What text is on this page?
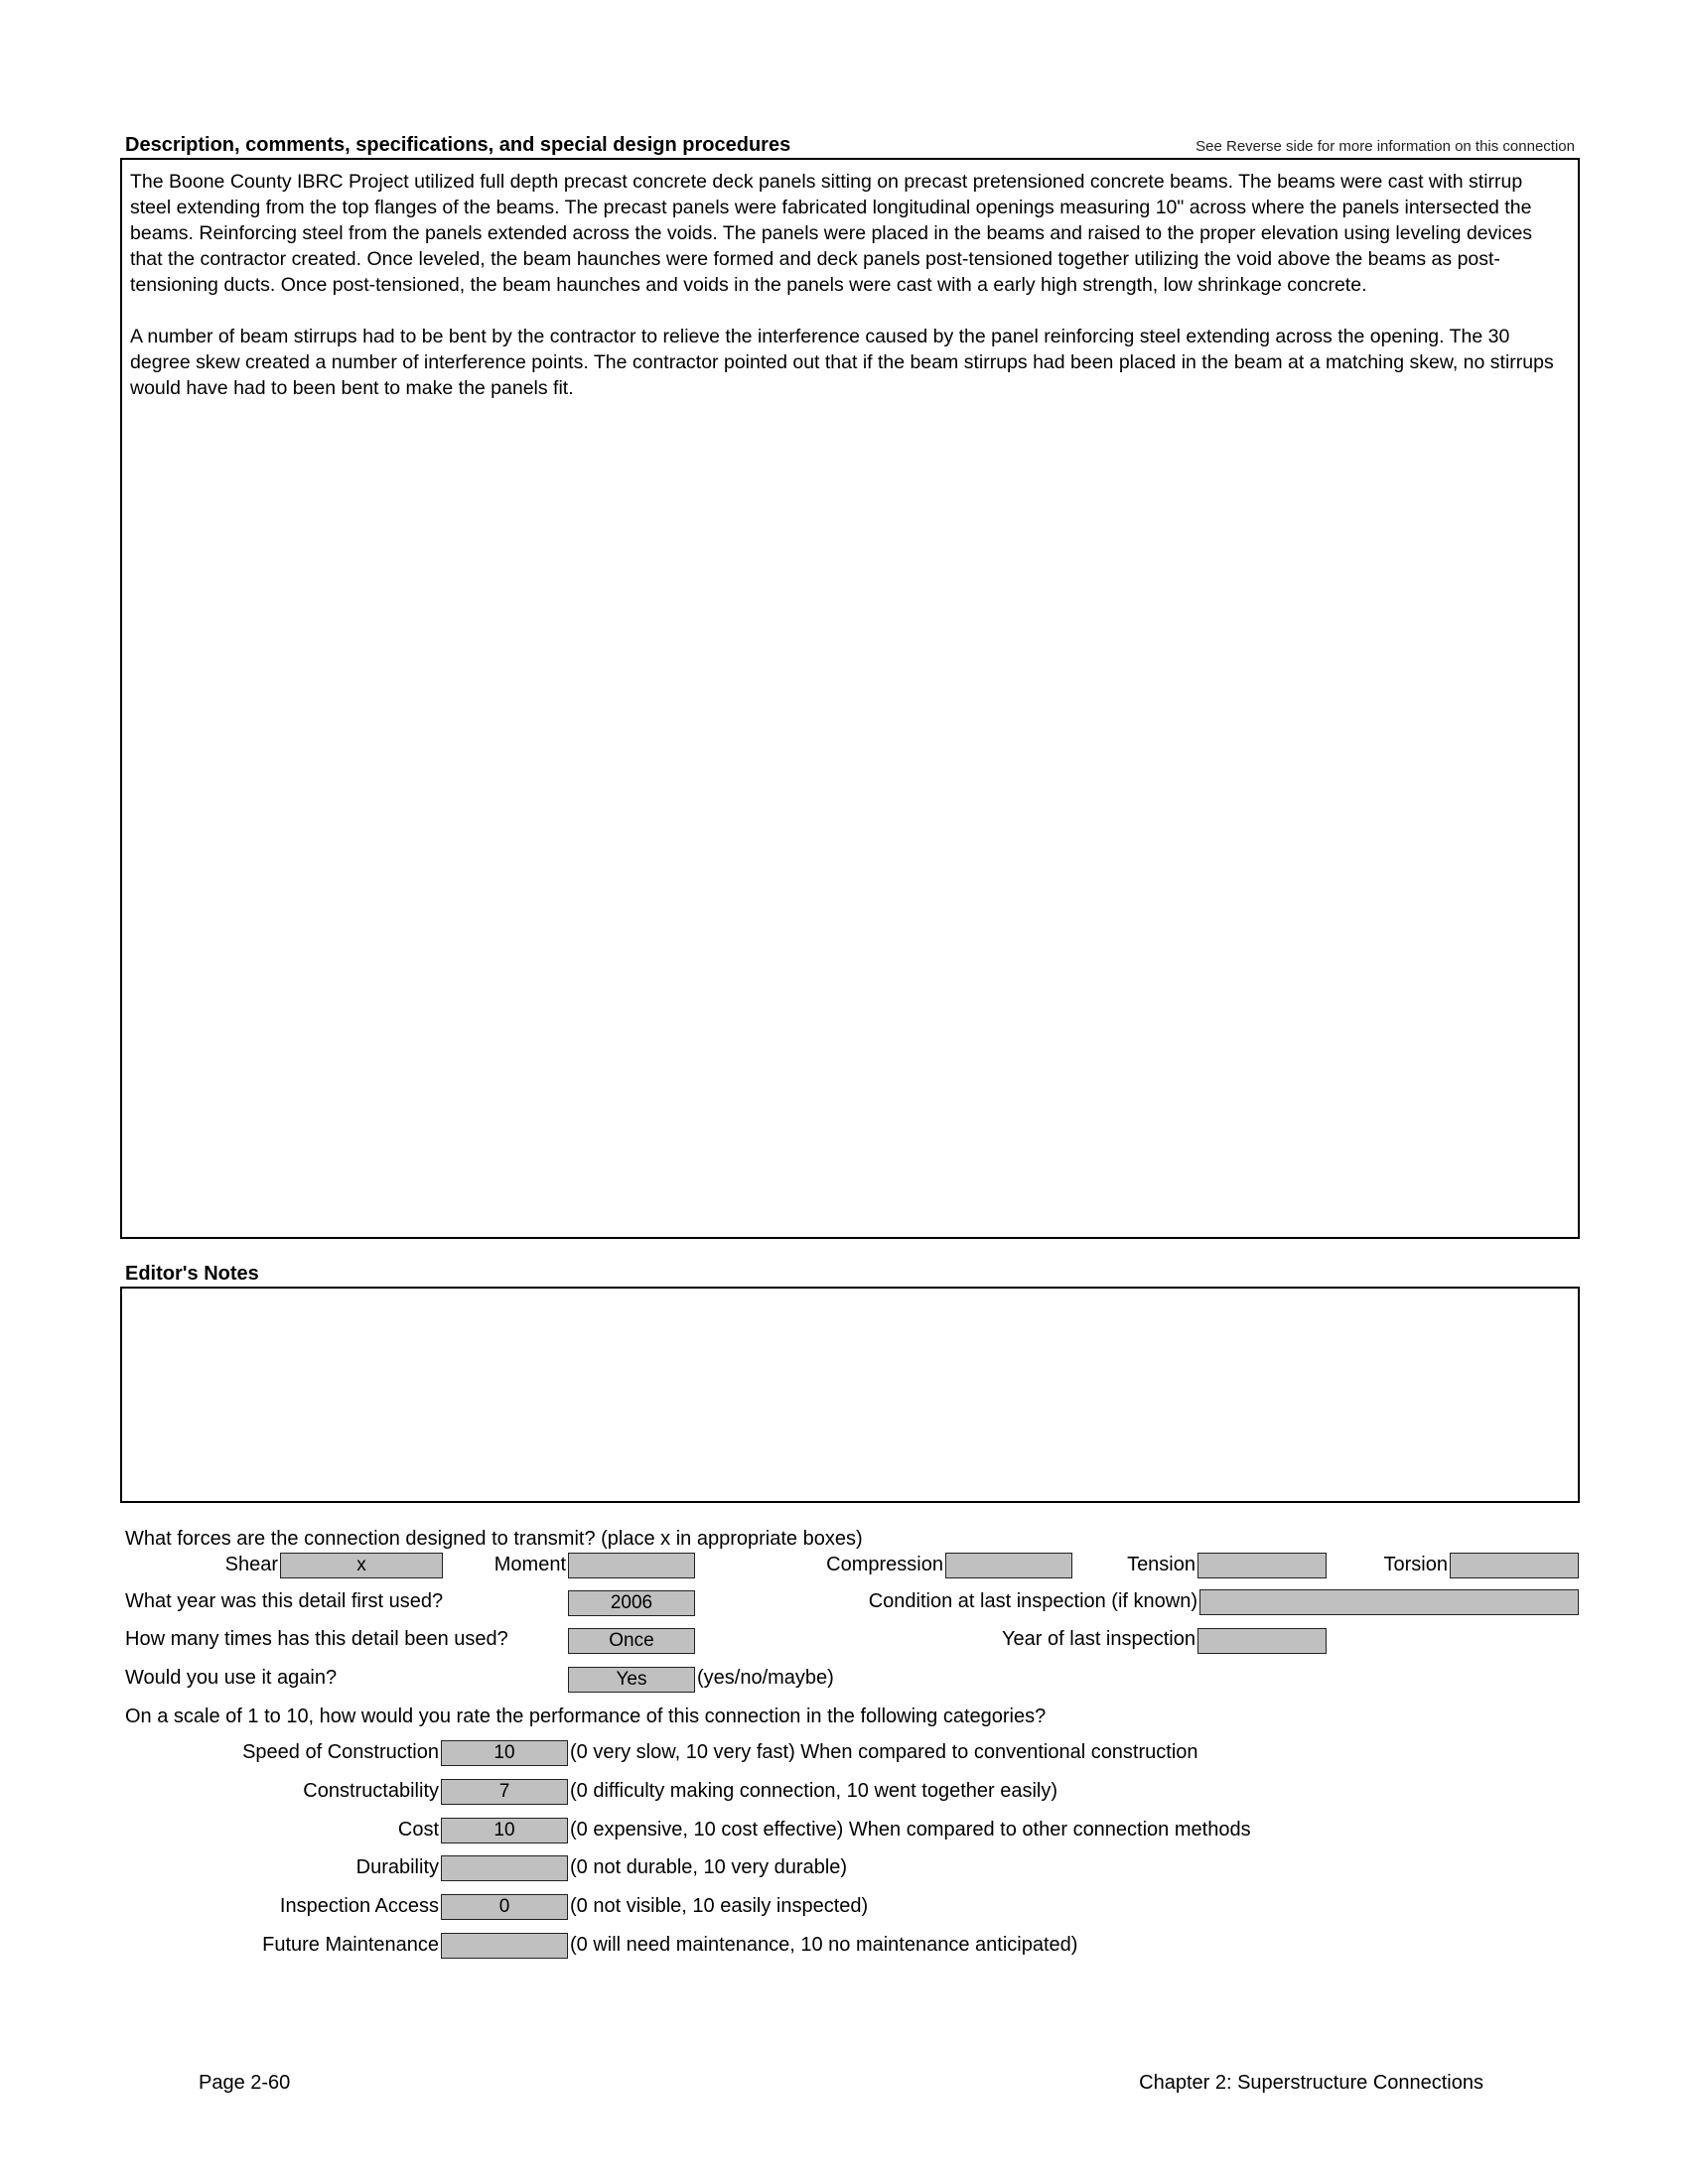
Description, comments, specifications, and special design procedures	See Reverse side for more information on this connection

The Boone County IBRC Project utilized full depth precast concrete deck panels sitting on precast pretensioned concrete beams. The beams were cast with stirrup steel extending from the top flanges of the beams. The precast panels were fabricated longitudinal openings measuring 10" across where the panels intersected the beams. Reinforcing steel from the panels extended across the voids. The panels were placed in the beams and raised to the proper elevation using leveling devices that the contractor created. Once leveled, the beam haunches were formed and deck panels post-tensioned together utilizing the void above the beams as post-tensioning ducts. Once post-tensioned, the beam haunches and voids in the panels were cast with a early high strength, low shrinkage concrete.

A number of beam stirrups had to be bent by the contractor to relieve the interference caused by the panel reinforcing steel extending across the opening. The 30 degree skew created a number of interference points. The contractor pointed out that if the beam stirrups had been placed in the beam at a matching skew, no stirrups would have had to been bent to make the panels fit.

Editor's Notes
What forces are the connection designed to transmit? (place x in appropriate boxes)
Shear	x	Moment	Compression	Tension	Torsion
What year was this detail first used?	2006	Condition at last inspection (if known)
How many times has this detail been used?	Once	Year of last inspection
Would you use it again?	Yes	(yes/no/maybe)
On a scale of 1 to 10, how would you rate the performance of this connection in the following categories?
Speed of Construction	10	(0 very slow, 10 very fast) When compared to conventional construction
Constructability	7	(0 difficulty making connection, 10 went together easily)
Cost	10	(0 expensive, 10 cost effective) When compared to other connection methods
Durability	(0 not durable, 10 very durable)
Inspection Access	0	(0 not visible, 10 easily inspected)
Future Maintenance	(0 will need maintenance, 10 no maintenance anticipated)
Page 2-60	Chapter 2: Superstructure Connections
